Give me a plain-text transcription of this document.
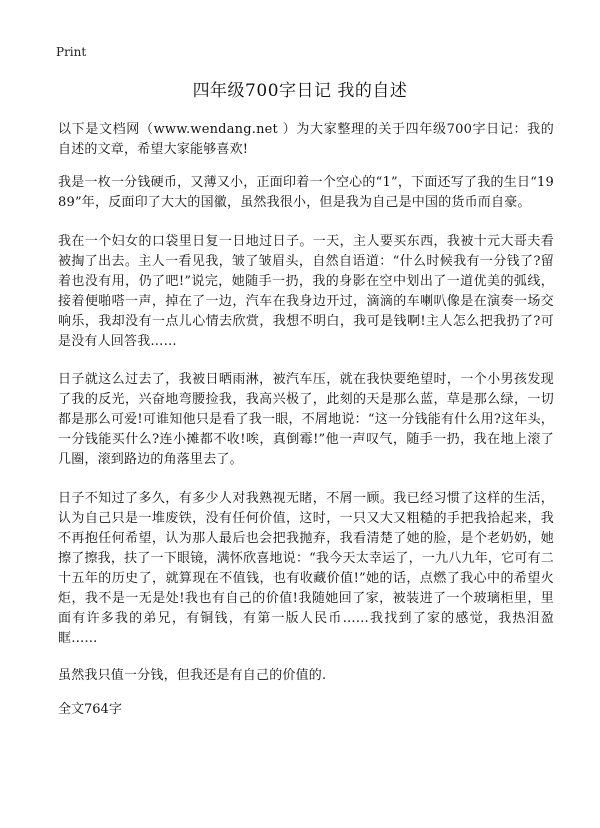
Print
四年级700字日记 我的自述

以下是文档网（www.wendang.net ）为大家整理的关于四年级700字日记：我的自述的文章，希望大家能够喜欢!

我是一枚一分钱硬币，又薄又小，正面印着一个空心的“1”，下面还写了我的生日“1989”年，反面印了大大的国徽，虽然我很小，但是我为自己是中国的货币而自豪。

我在一个妇女的口袋里日复一日地过日子。一天，主人要买东西，我被十元大哥夫看被掏了出去。主人一看见我，皱了皱眉头，自然自语道：“什么时候我有一分钱了?留着也没有用，仍了吧!”说完，她随手一扔，我的身影在空中划出了一道优美的弧线，接着便啪嗒一声，掉在了一边，汽车在我身边开过，滴滴的车喇叭像是在演奏一场交响乐，我却没有一点儿心情去欣赏，我想不明白，我可是钱啊!主人怎么把我扔了?可是没有人回答我……

日子就这么过去了，我被日晒雨淋，被汽车压，就在我快要绝望时，一个小男孩发现了我的反光，兴奋地弯腰捡我，我高兴极了，此刻的天是那么蓝，草是那么绿，一切都是那么可爱!可谁知他只是看了我一眼，不屑地说：“这一分钱能有什么用?这年头，一分钱能买什么?连小摊都不收!唉，真倒霉!”他一声叹气，随手一扔，我在地上滚了几圈，滚到路边的角落里去了。

日子不知过了多久，有多少人对我熟视无睹，不屑一顾。我已经习惯了这样的生活，认为自己只是一堆废铁，没有任何价值，这时，一只又大又粗糙的手把我拾起来，我不再抱任何希望，认为那人最后也会把我抛弃，我看清楚了她的脸，是个老奶奶，她擦了擦我，扶了一下眼镜，满怀欣喜地说：“我今天太幸运了，一九八九年，它可有二十五年的历史了，就算现在不值钱，也有收藏价值!”她的话，点燃了我心中的希望火炬，我不是一无是处!我也有自己的价值!我随她回了家，被装进了一个玻璃柜里，里面有许多我的弟兄，有铜钱，有第一版人民币……我找到了家的感觉，我热泪盈眶……

虽然我只值一分钱，但我还是有自己的价值的.

全文764字
